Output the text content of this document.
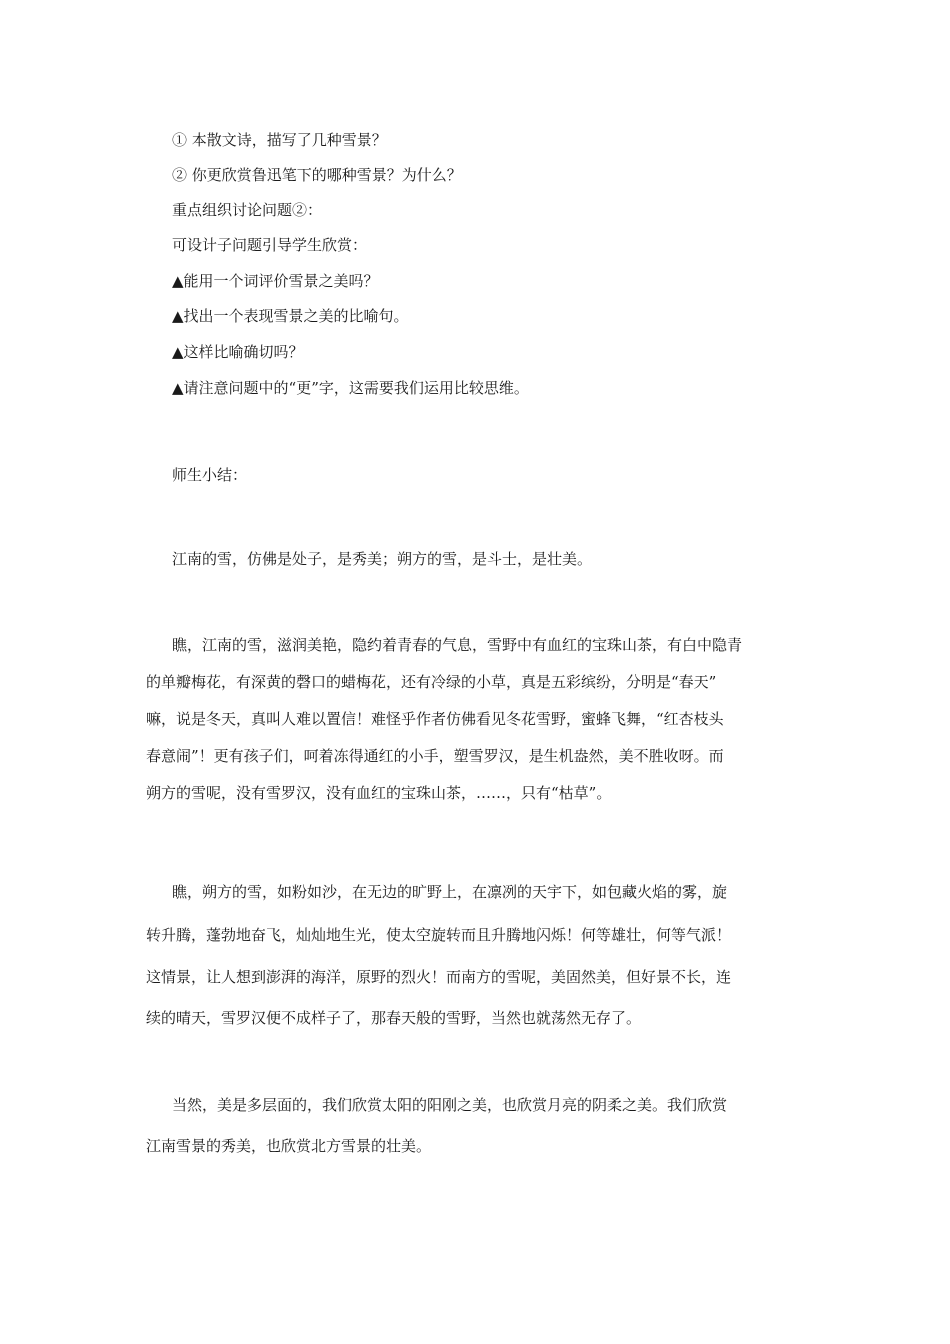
① 本散文诗，描写了几种雪景？

② 你更欣赏鲁迅笔下的哪种雪景？为什么？

重点组织讨论问题②：

可设计子问题引导学生欣赏：

▲能用一个词评价雪景之美吗？

▲找出一个表现雪景之美的比喻句。

▲这样比喻确切吗？

▲请注意问题中的“更”字，这需要我们运用比较思维。

师生小结：

江南的雪，仿佛是处子，是秀美；朔方的雪，是斗士，是壮美。

瞧，江南的雪，滋润美艳，隐约着青春的气息，雪野中有血红的宝珠山茶，有白中隐青

的单瓣梅花，有深黄的磬口的蜡梅花，还有冷绿的小草，真是五彩缤纷，分明是“春天”

嘛，说是冬天，真叫人难以置信！难怪乎作者仿佛看见冬花雪野，蜜蜂飞舞，“红杏枝头

春意闹”！更有孩子们，呵着冻得通红的小手，塑雪罗汉，是生机盎然，美不胜收呀。而

朔方的雪呢，没有雪罗汉，没有血红的宝珠山茶，……，只有“枯草”。

瞧，朔方的雪，如粉如沙，在无边的旷野上，在凛冽的天宇下，如包藏火焰的雾，旋

转升腾，蓬勃地奋飞，灿灿地生光，使太空旋转而且升腾地闪烁！何等雄壮，何等气派！

这情景，让人想到澎湃的海洋，原野的烈火！而南方的雪呢，美固然美，但好景不长，连

续的晴天，雪罗汉便不成样子了，那春天般的雪野，当然也就荡然无存了。

当然，美是多层面的，我们欣赏太阳的阳刚之美，也欣赏月亮的阴柔之美。我们欣赏

江南雪景的秀美，也欣赏北方雪景的壮美。
